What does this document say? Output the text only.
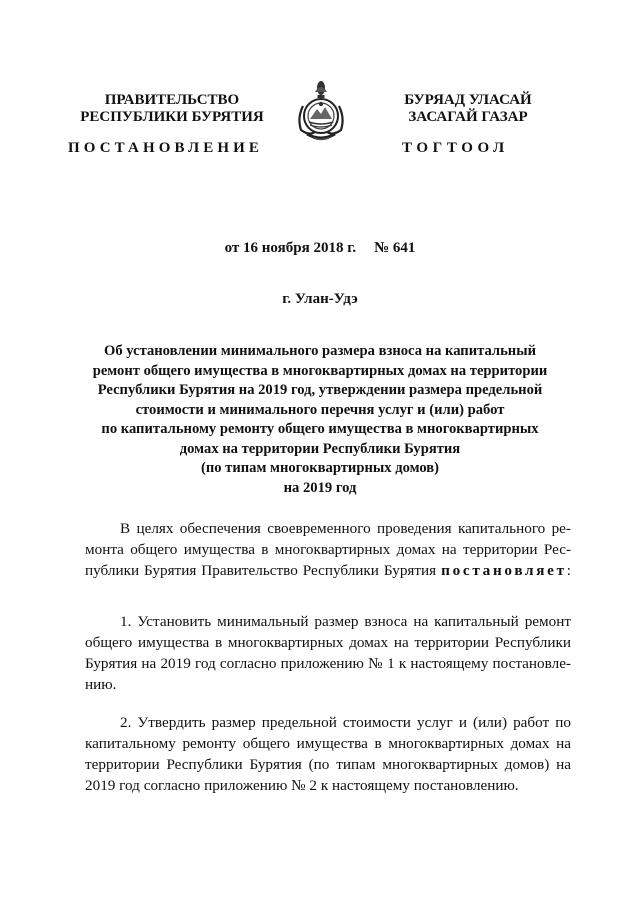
ПРАВИТЕЛЬСТВО
РЕСПУБЛИКИ БУРЯТИЯ
БУРЯАД УЛАСАЙ
ЗАСАГАЙ ГАЗАР
ПОСТАНОВЛЕНИЕ	ТОГТООЛ
от 16 ноября 2018 г. № 641
г. Улан-Удэ
Об установлении минимального размера взноса на капитальный
ремонт общего имущества в многоквартирных домах на территории
Республики Бурятия на 2019 год, утверждении размера предельной
стоимости и минимального перечня услуг и (или) работ
по капитальному ремонту общего имущества в многоквартирных
домах на территории Республики Бурятия
(по типам многоквартирных домов)
на 2019 год
В целях обеспечения своевременного проведения капитального ре-
монта общего имущества в многоквартирных домах на территории Рес-
публики Бурятия Правительство Республики Бурятия постановляет:
1. Установить минимальный размер взноса на капитальный ремонт
общего имущества в многоквартирных домах на территории Республики
Бурятия на 2019 год согласно приложению № 1 к настоящему постановле-
нию.
2. Утвердить размер предельной стоимости услуг и (или) работ по
капитальному ремонту общего имущества в многоквартирных домах на
территории Республики Бурятия (по типам многоквартирных домов) на
2019 год согласно приложению № 2 к настоящему постановлению.
